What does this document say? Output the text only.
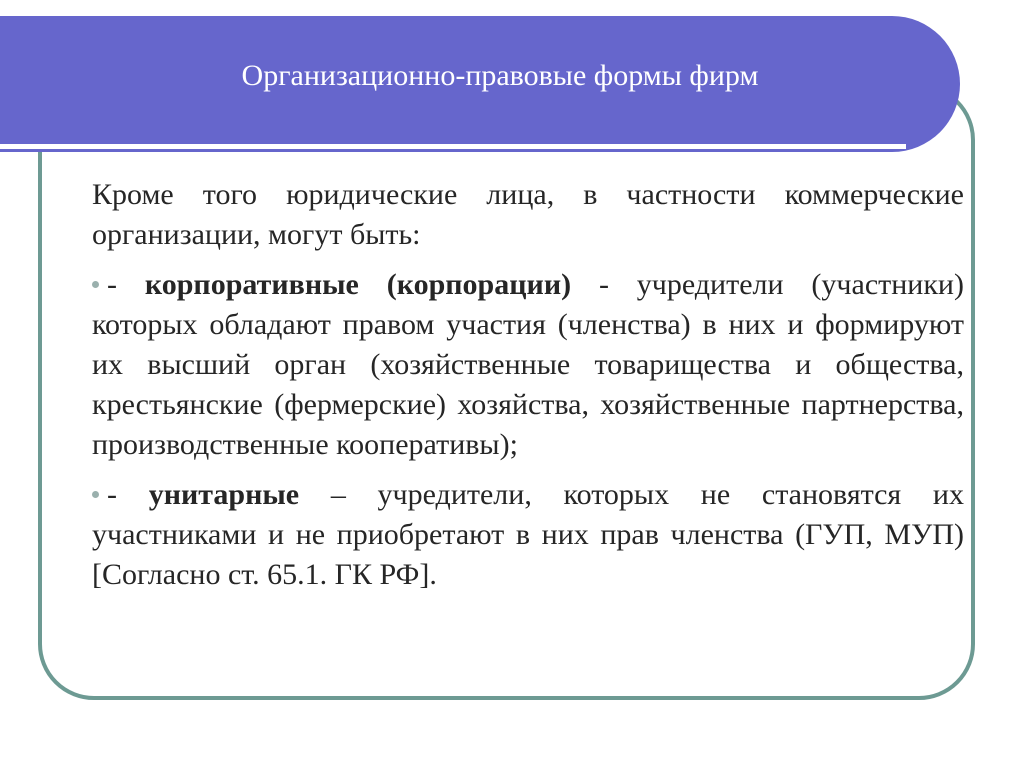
Организационно-правовые формы фирм

Кроме того юридические лица, в частности коммерческие организации, могут быть:

- корпоративные (корпорации) - учредители (участники) которых обладают правом участия (членства) в них и формируют их высший орган (хозяйственные товарищества и общества, крестьянские (фермерские) хозяйства, хозяйственные партнерства, производственные кооперативы);

- унитарные – учредители, которых не становятся их участниками и не приобретают в них прав членства (ГУП, МУП) [Согласно ст. 65.1. ГК РФ].
